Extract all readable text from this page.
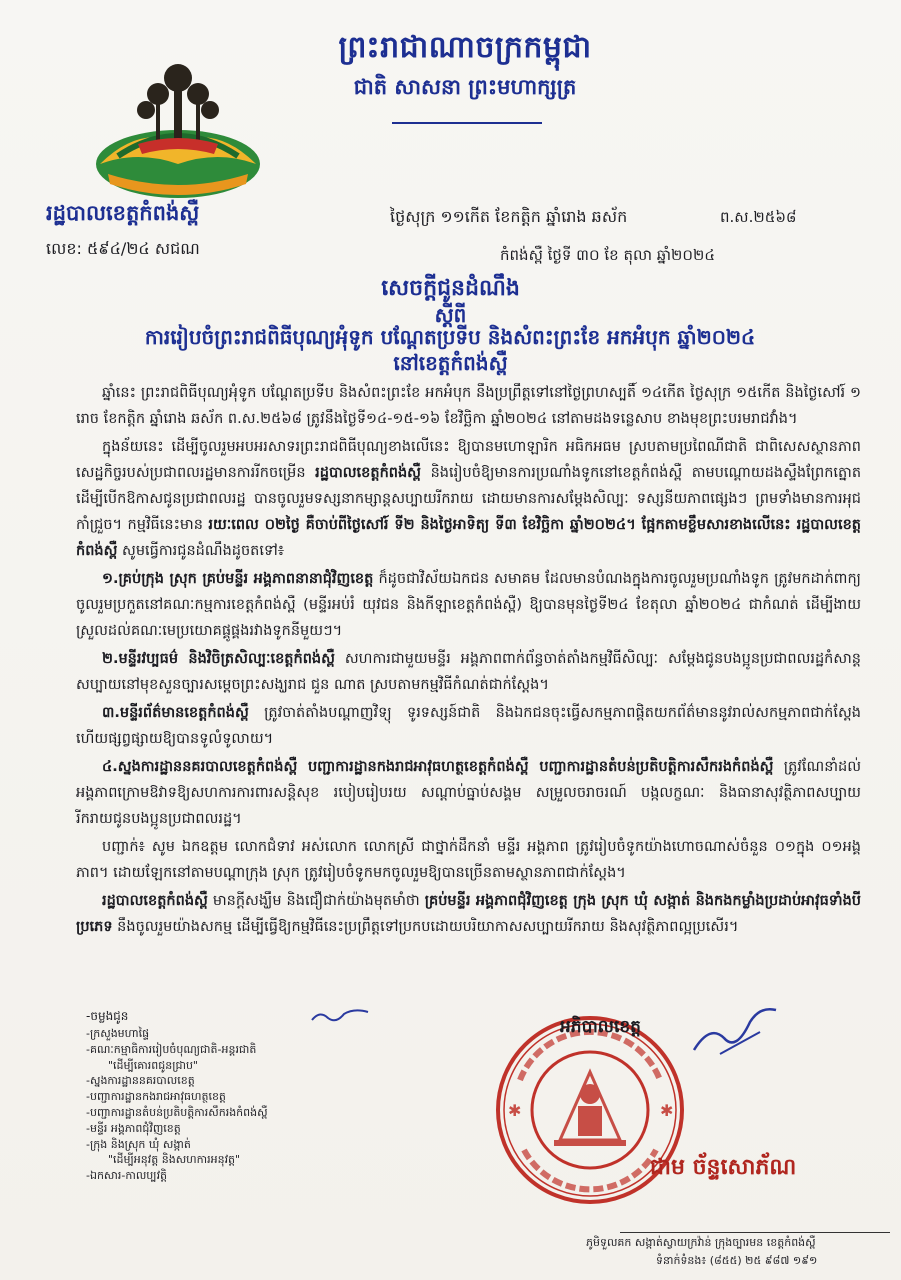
ព្រះរាជាណាចក្រកម្ពុជា
ជាតិ សាសនា ព្រះមហាក្សត្រ
រដ្ឋបាលខេត្តកំពង់ស្ពឺ
លេខ: ៥៩៤/២៤ សជណ
ថ្ងៃសុក្រ ១១កើត ខែកត្តិក ឆ្នាំរោង ឆស័ក	ព.ស.២៥៦៨
កំពង់ស្ពឺ ថ្ងៃទី ៣០ ខែ តុលា ឆ្នាំ២០២៤
សេចក្តីជូនដំណឹង
ស្តីពី
ការរៀបចំព្រះរាជពិធីបុណ្យអុំទូក បណ្តែតប្រទីប និងសំពះព្រះខែ អកអំបុក ឆ្នាំ២០២៤
នៅខេត្តកំពង់ស្ពឺ

ឆ្នាំនេះ ព្រះរាជពិធីបុណ្យអុំទូក បណ្តែតប្រទីប និងសំពះព្រះខែ អកអំបុក នឹងប្រព្រឹត្តទៅនៅថ្ងៃព្រហស្បតិ៍ ១៤កើត ថ្ងៃសុក្រ ១៥កើត និងថ្ងៃសៅរ៍ ១ រោច ខែកត្តិក ឆ្នាំរោង ឆស័ក ព.ស.២៥៦៨ ត្រូវនឹងថ្ងៃទី១៤-១៥-១៦ ខែវិច្ឆិកា ឆ្នាំ២០២៤ នៅតាមដងទន្លេសាប ខាងមុខព្រះបរមរាជវាំង។

ក្នុងន័យនេះ ដើម្បីចូលរួមអបអរសាទរព្រះរាជពិធីបុណ្យខាងលើនេះ ឱ្យបានមហោឡារិក អធិកអធម ស្របតាមប្រពៃណីជាតិ ជាពិសេសស្ថានភាពសេដ្ឋកិច្ចរបស់ប្រជាពលរដ្ឋមានការរីកចម្រើន រដ្ឋបាលខេត្តកំពង់ស្ពឺ និងរៀបចំឱ្យមានការប្រណាំងទូកនៅខេត្តកំពង់ស្ពឺ តាមបណ្តោយដងស្ទឹងព្រែកត្នោត ដើម្បីបើកឱកាសជូនប្រជាពលរដ្ឋ បានចូលរួមទស្សនាកម្សាន្តសប្បាយរីករាយ ដោយមានការសម្តែងសិល្បៈ ទស្សនីយភាពផ្សេងៗ ព្រមទាំងមានការអុជកាំជ្រួច។ កម្មវិធីនេះមាន រយៈពេល ០២ថ្ងៃ គឺចាប់ពីថ្ងៃសៅរ៍ ទី២ និងថ្ងៃអាទិត្យ ទី៣ ខែវិច្ឆិកា ឆ្នាំ២០២៤។ ផ្អែកតាមខ្លឹមសារខាងលើនេះ រដ្ឋបាលខេត្តកំពង់ស្ពឺ សូមធ្វើការជូនដំណឹងដូចតទៅ៖

១.គ្រប់ក្រុង ស្រុក គ្រប់មន្ទីរ អង្គភាពនានាជុំវិញខេត្ត ក៏ដូចជាវិស័យឯកជន សមាគម ដែលមានបំណងក្នុងការចូលរួមប្រណាំងទូក ត្រូវមកដាក់ពាក្យចូលរួមប្រកួតនៅគណៈកម្មការខេត្តកំពង់ស្ពឺ (មន្ទីរអប់រំ យុវជន និងកីឡាខេត្តកំពង់ស្ពឺ) ឱ្យបានមុនថ្ងៃទី២៤ ខែតុលា ឆ្នាំ២០២៤ ជាកំណត់ ដើម្បីងាយស្រួលដល់គណៈមេប្រយោគផ្គូផ្គងរវាងទូកនីមួយៗ។

២.មន្ទីរវប្បធម៌ និងវិចិត្រសិល្បៈខេត្តកំពង់ស្ពឺ សហការជាមួយមន្ទីរ អង្គភាពពាក់ព័ន្ធចាត់តាំងកម្មវិធីសិល្បៈ សម្តែងជូនបងប្អូនប្រជាពលរដ្ឋកំសាន្តសប្បាយនៅមុខសួនច្បារសម្តេចព្រះសង្ឃរាជ ជួន ណាត ស្របតាមកម្មវិធីកំណត់ជាក់ស្តែង។

៣.មន្ទីរព័ត៌មានខេត្តកំពង់ស្ពឺ ត្រូវចាត់តាំងបណ្តាញវិទ្យុ ទូរទស្សន៍ជាតិ និងឯកជនចុះធ្វើសកម្មភាពផ្តិតយកព័ត៌មាននូវរាល់សកម្មភាពជាក់ស្តែង ហើយផ្សព្វផ្សាយឱ្យបានទូលំទូលាយ។

៤.ស្នងការដ្ឋាននគរបាលខេត្តកំពង់ស្ពឺ បញ្ជាការដ្ឋានកងរាជអាវុធហត្ថខេត្តកំពង់ស្ពឺ បញ្ជាការដ្ឋានតំបន់ប្រតិបត្តិការសឹករងកំពង់ស្ពឺ ត្រូវណែនាំដល់អង្គភាពក្រោមឱវាទឱ្យសហការការពារសន្តិសុខ របៀបរៀបរយ សណ្តាប់ធ្នាប់សង្គម សម្រួលចរាចរណ៍ បង្កលក្ខណៈ និងធានាសុវត្ថិភាពសប្បាយរីករាយជូនបងប្អូនប្រជាពលរដ្ឋ។

បញ្ជាក់៖ សូម ឯកឧត្តម លោកជំទាវ អស់លោក លោកស្រី ជាថ្នាក់ដឹកនាំ មន្ទីរ អង្គភាព ត្រូវរៀបចំទូកយ៉ាងហោចណាស់ចំនួន ០១ក្នុង ០១អង្គភាព។ ដោយឡែកនៅតាមបណ្តាក្រុង ស្រុក ត្រូវរៀបចំទូកមកចូលរួមឱ្យបានច្រើនតាមស្ថានភាពជាក់ស្តែង។

រដ្ឋបាលខេត្តកំពង់ស្ពឺ មានក្តីសង្ឃឹម និងជឿជាក់យ៉ាងមុតមាំថា គ្រប់មន្ទីរ អង្គភាពជុំវិញខេត្ត ក្រុង ស្រុក ឃុំ សង្កាត់ និងកងកម្លាំងប្រដាប់អាវុធទាំងបីប្រភេទ នឹងចូលរួមយ៉ាងសកម្ម ដើម្បីធ្វើឱ្យកម្មវិធីនេះប្រព្រឹត្តទៅប្រកបដោយបរិយាកាសសប្បាយរីករាយ និងសុវត្ថិភាពល្អប្រសើរ។

-ចម្លងជូន
-ក្រសួងមហាផ្ទៃ
-គណៈកម្មាធិការរៀបចំបុណ្យជាតិ-អន្តរជាតិ
"ដើម្បីគោរពជូនជ្រាប"
-ស្នងការដ្ឋាននគរបាលខេត្ត
-បញ្ជាការដ្ឋានកងរាជអាវុធហត្ថខេត្ត
-បញ្ជាការដ្ឋានតំបន់ប្រតិបត្តិការសឹករងកំពង់ស្ពឺ
-មន្ទីរ អង្គភាពជុំវិញខេត្ត
-ក្រុង និងស្រុក ឃុំ សង្កាត់
"ដើម្បីអនុវត្ត និងសហការអនុវត្ត"
-ឯកសារ-កាលប្បវត្តិ
✱	✱
អភិបាលខេត្ត
ជាម ច័ន្ទសោភ័ណ
ភូមិទួលគក សង្កាត់ស្វាយក្រវ៉ាន់ ក្រុងច្បារមន ខេត្តកំពង់ស្ពឺ
ទំនាក់ទំនង៖ (៨៥៥) ២៥ ៩៨៧ ១៩១
